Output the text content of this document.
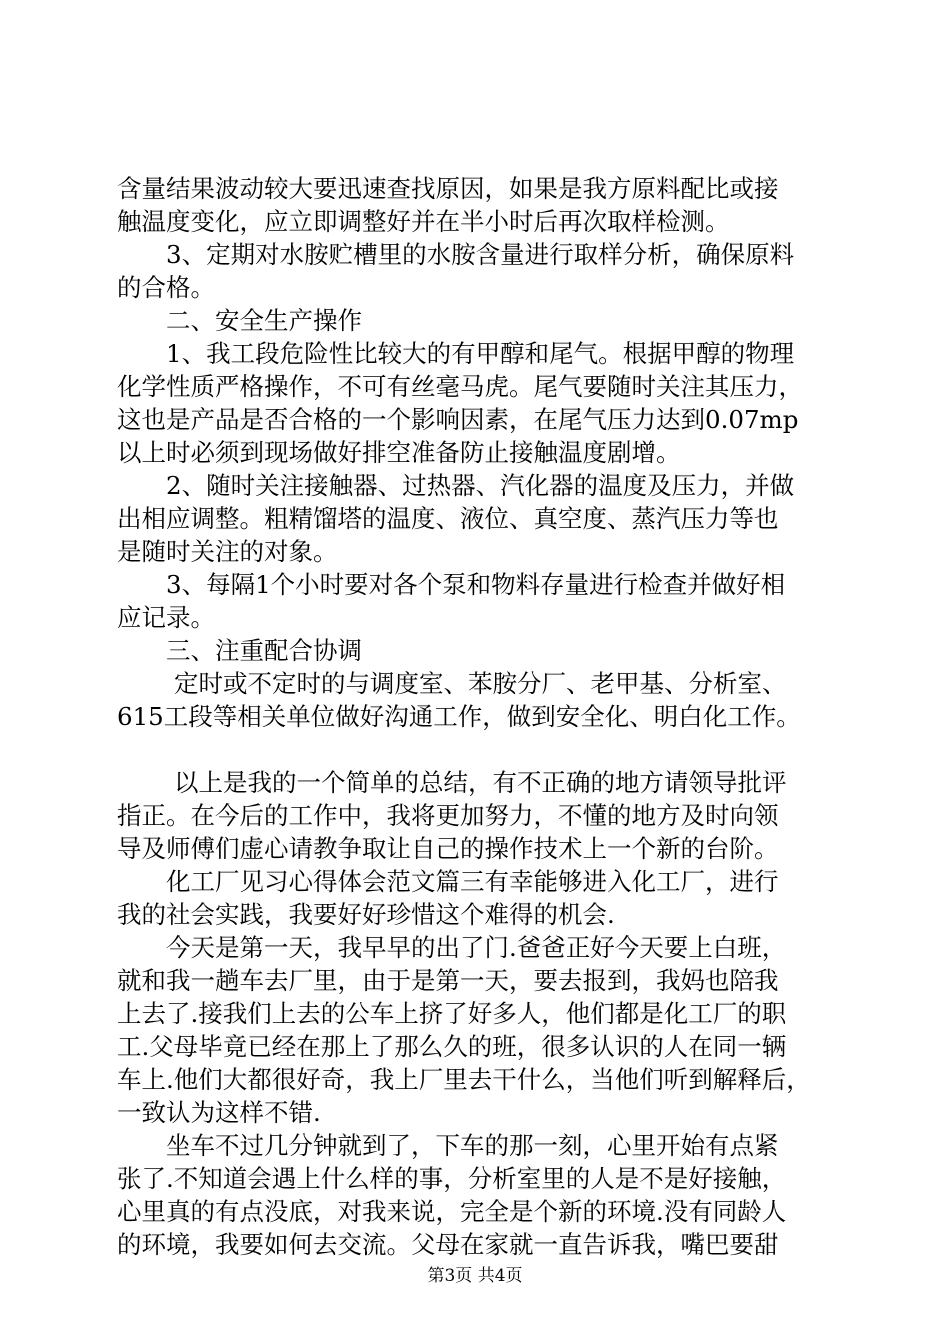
含量结果波动较大要迅速查找原因，如果是我方原料配比或接

触温度变化，应立即调整好并在半小时后再次取样检测。

3、定期对水胺贮槽里的水胺含量进行取样分析，确保原料

的合格。

二、安全生产操作

1、我工段危险性比较大的有甲醇和尾气。根据甲醇的物理

化学性质严格操作，不可有丝毫马虎。尾气要随时关注其压力，

这也是产品是否合格的一个影响因素，在尾气压力达到0.07mp

以上时必须到现场做好排空准备防止接触温度剧增。

2、随时关注接触器、过热器、汽化器的温度及压力，并做

出相应调整。粗精馏塔的温度、液位、真空度、蒸汽压力等也

是随时关注的对象。

3、每隔1个小时要对各个泵和物料存量进行检查并做好相

应记录。

三、注重配合协调

定时或不定时的与调度室、苯胺分厂、老甲基、分析室、

615工段等相关单位做好沟通工作，做到安全化、明白化工作。

以上是我的一个简单的总结，有不正确的地方请领导批评

指正。在今后的工作中，我将更加努力，不懂的地方及时向领

导及师傅们虚心请教争取让自己的操作技术上一个新的台阶。

化工厂见习心得体会范文篇三有幸能够进入化工厂，进行

我的社会实践，我要好好珍惜这个难得的机会.

今天是第一天，我早早的出了门.爸爸正好今天要上白班，

就和我一趟车去厂里，由于是第一天，要去报到，我妈也陪我

上去了.接我们上去的公车上挤了好多人，他们都是化工厂的职

工.父母毕竟已经在那上了那么久的班，很多认识的人在同一辆

车上.他们大都很好奇，我上厂里去干什么，当他们听到解释后，

一致认为这样不错.

坐车不过几分钟就到了，下车的那一刻，心里开始有点紧

张了.不知道会遇上什么样的事，分析室里的人是不是好接触，

心里真的有点没底，对我来说，完全是个新的环境.没有同龄人

的环境，我要如何去交流。父母在家就一直告诉我，嘴巴要甜

第3页 共4页
